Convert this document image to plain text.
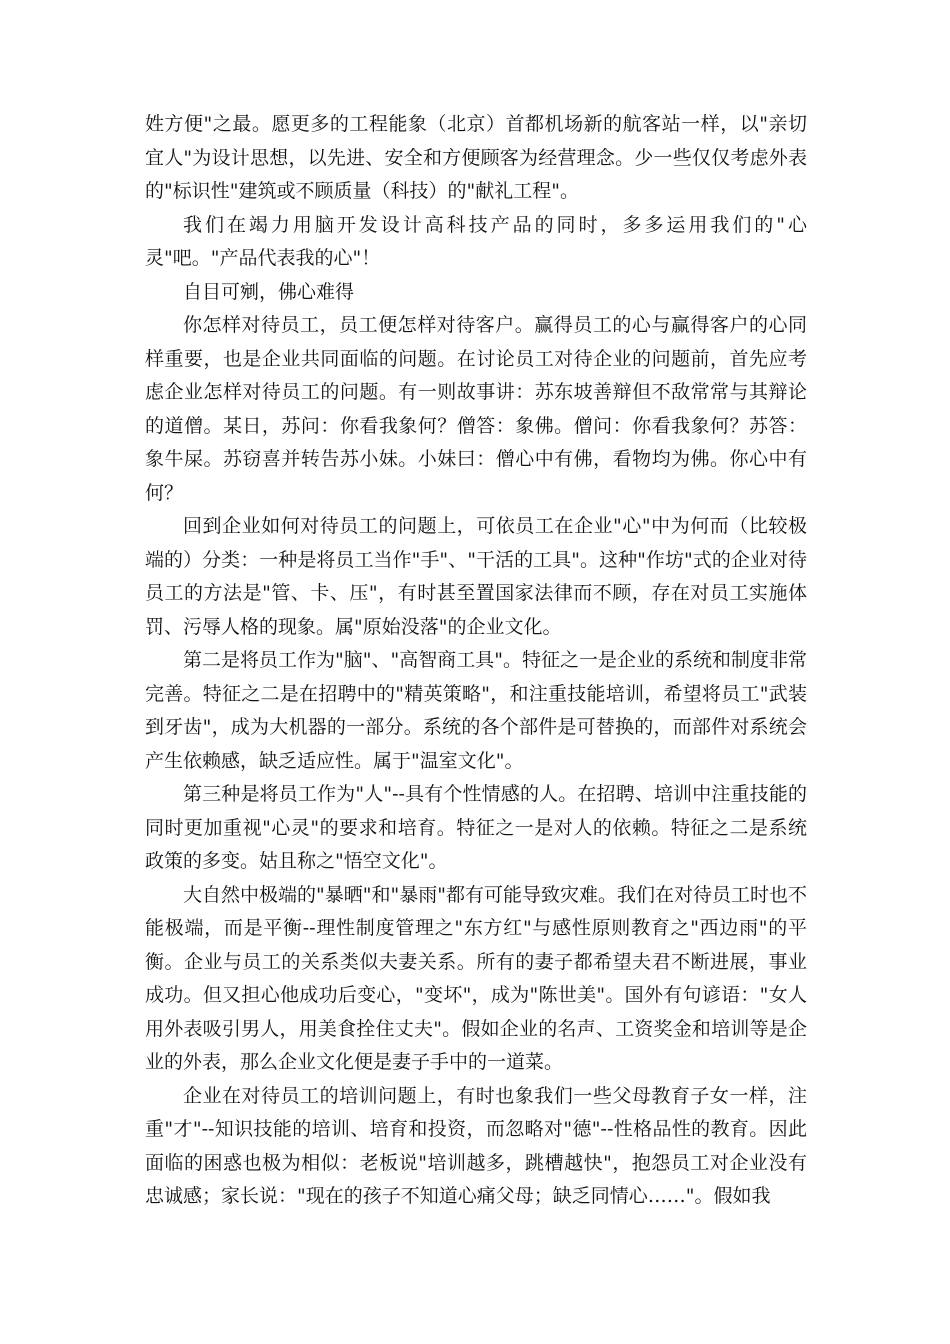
姓方便"之最。愿更多的工程能象（北京）首都机场新的航客站一样，以"亲切宜人"为设计思想，以先进、安全和方便顾客为经营理念。少一些仅仅考虑外表的"标识性"建筑或不顾质量（科技）的"献礼工程"。

我们在竭力用脑开发设计高科技产品的同时，多多运用我们的"心灵"吧。"产品代表我的心"！

自目可剜，佛心难得

你怎样对待员工，员工便怎样对待客户。赢得员工的心与赢得客户的心同样重要，也是企业共同面临的问题。在讨论员工对待企业的问题前，首先应考虑企业怎样对待员工的问题。有一则故事讲：苏东坡善辩但不敌常常与其辩论的道僧。某日，苏问：你看我象何？僧答：象佛。僧问：你看我象何？苏答：象牛屎。苏窃喜并转告苏小妹。小妹曰：僧心中有佛，看物均为佛。你心中有何？

回到企业如何对待员工的问题上，可依员工在企业"心"中为何而（比较极端的）分类：一种是将员工当作"手"、"干活的工具"。这种"作坊"式的企业对待员工的方法是"管、卡、压"，有时甚至置国家法律而不顾，存在对员工实施体罚、污辱人格的现象。属"原始没落"的企业文化。

第二是将员工作为"脑"、"高智商工具"。特征之一是企业的系统和制度非常完善。特征之二是在招聘中的"精英策略"，和注重技能培训，希望将员工"武装到牙齿"，成为大机器的一部分。系统的各个部件是可替换的，而部件对系统会产生依赖感，缺乏适应性。属于"温室文化"。

第三种是将员工作为"人"--具有个性情感的人。在招聘、培训中注重技能的同时更加重视"心灵"的要求和培育。特征之一是对人的依赖。特征之二是系统政策的多变。姑且称之"悟空文化"。

大自然中极端的"暴晒"和"暴雨"都有可能导致灾难。我们在对待员工时也不能极端，而是平衡--理性制度管理之"东方红"与感性原则教育之"西边雨"的平衡。企业与员工的关系类似夫妻关系。所有的妻子都希望夫君不断进展，事业成功。但又担心他成功后变心，"变坏"，成为"陈世美"。国外有句谚语："女人用外表吸引男人，用美食拴住丈夫"。假如企业的名声、工资奖金和培训等是企业的外表，那么企业文化便是妻子手中的一道菜。

企业在对待员工的培训问题上，有时也象我们一些父母教育子女一样，注重"才"--知识技能的培训、培育和投资，而忽略对"德"--性格品性的教育。因此面临的困惑也极为相似：老板说"培训越多，跳槽越快"，抱怨员工对企业没有忠诚感；家长说："现在的孩子不知道心痛父母；缺乏同情心……"。假如我
